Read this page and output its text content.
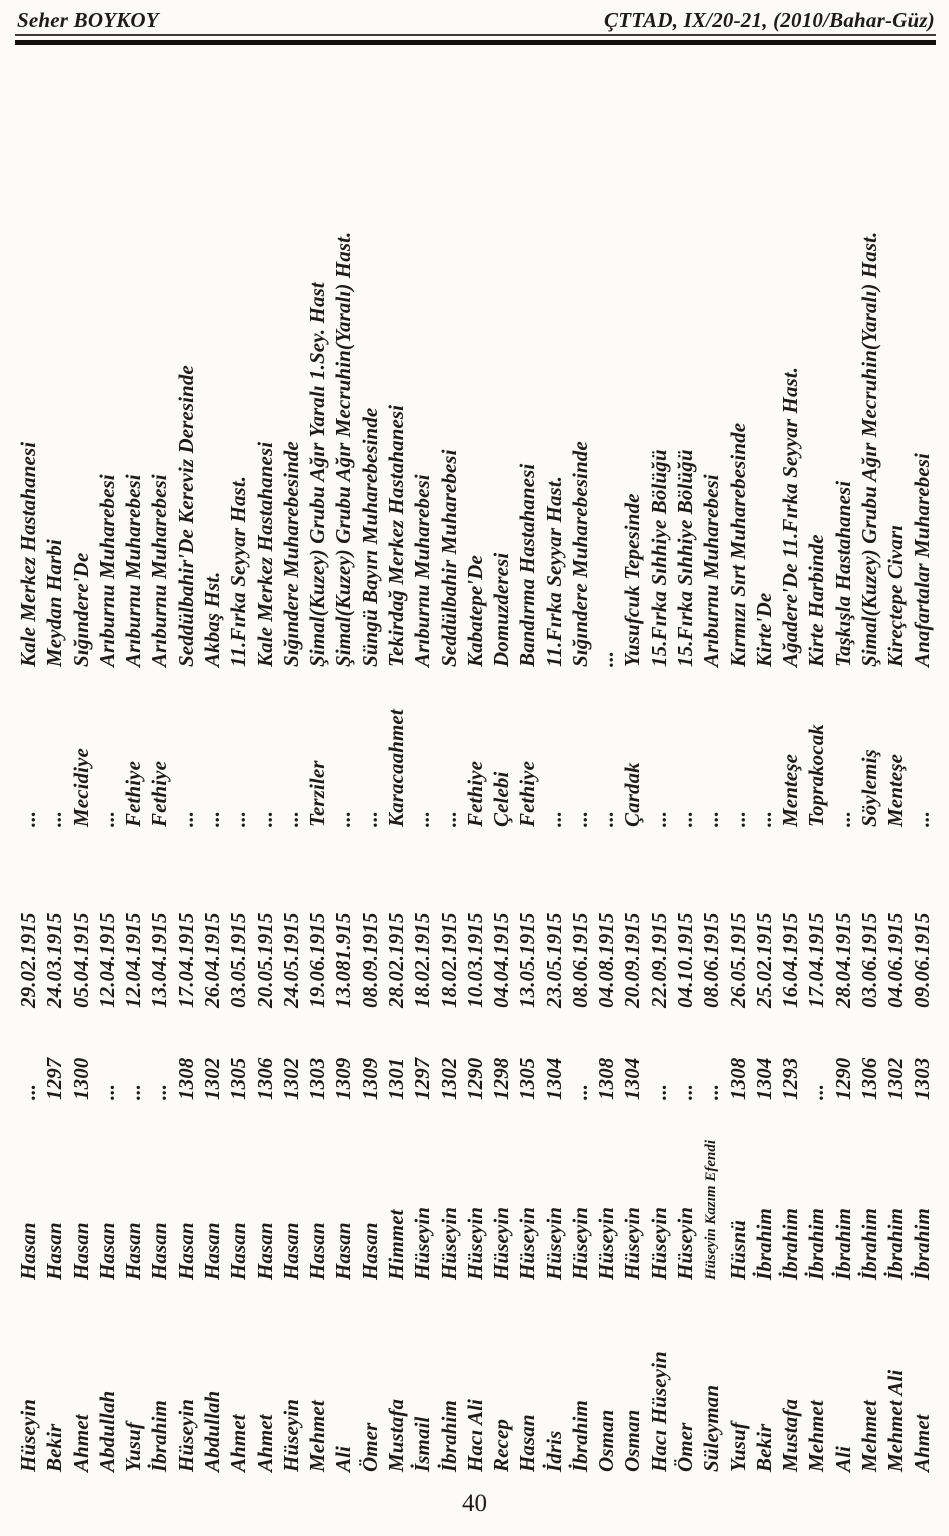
Seher BOYKOY	ÇTTAD, IX/20-21, (2010/Bahar-Güz)
Hüseyin	Hasan	...	29.02.1915	...	Kale Merkez Hastahanesi
Bekir	Hasan	1297	24.03.1915	...	Meydan Harbi
Ahmet	Hasan	1300	05.04.1915	Mecidiye	Sığındere'De
Abdullah	Hasan	...	12.04.1915	...	Arıburnu Muharebesi
Yusuf	Hasan	...	12.04.1915	Fethiye	Arıburnu Muharebesi
İbrahim	Hasan	...	13.04.1915	Fethiye	Arıburnu Muharebesi
Hüseyin	Hasan	1308	17.04.1915	...	Seddülbahir'De Kereviz Deresinde
Abdullah	Hasan	1302	26.04.1915	...	Akbaş Hst.
Ahmet	Hasan	1305	03.05.1915	...	11.Fırka Seyyar Hast.
Ahmet	Hasan	1306	20.05.1915	...	Kale Merkez Hastahanesi
Hüseyin	Hasan	1302	24.05.1915	...	Sığındere Muharebesinde
Mehmet	Hasan	1303	19.06.1915	Terziler	Şimal(Kuzey) Grubu Ağır Yaralı 1.Sey. Hast
Ali	Hasan	1309	13.081.915	...	Şimal(Kuzey) Grubu Ağır Mecruhin(Yaralı) Hast.
Ömer	Hasan	1309	08.09.1915	...	Süngü Bayırı Muharebesinde
Mustafa	Himmet	1301	28.02.1915	Karacaahmet	Tekirdağ Merkez Hastahanesi
İsmail	Hüseyin	1297	18.02.1915	...	Arıburnu Muharebesi
İbrahim	Hüseyin	1302	18.02.1915	...	Seddülbahir Muharebesi
Hacı Ali	Hüseyin	1290	10.03.1915	Fethiye	Kabatepe'De
Recep	Hüseyin	1298	04.04.1915	Çelebi	Domuzderesi
Hasan	Hüseyin	1305	13.05.1915	Fethiye	Bandırma Hastahanesi
İdris	Hüseyin	1304	23.05.1915	...	11.Fırka Seyyar Hast.
İbrahim	Hüseyin	...	08.06.1915	...	Sığındere Muharebesinde
Osman	Hüseyin	1308	04.08.1915	...	...
Osman	Hüseyin	1304	20.09.1915	Çardak	Yusufcuk Tepesinde
Hacı Hüseyin	Hüseyin	...	22.09.1915	...	15.Fırka Sıhhiye Bölüğü
Ömer	Hüseyin	...	04.10.1915	...	15.Fırka Sıhhiye Bölüğü
Süleyman	Hüseyin Kazım Efendi	...	08.06.1915	...	Arıburnu Muharebesi
Yusuf	Hüsnü	1308	26.05.1915	...	Kırmızı Sırt Muharebesinde
Bekir	İbrahim	1304	25.02.1915	...	Kirte'De
Mustafa	İbrahim	1293	16.04.1915	Menteşe	Ağadere'De 11.Fırka Seyyar Hast.
Mehmet	İbrahim	...	17.04.1915	Toprakocak	Kirte Harbinde
Ali	İbrahim	1290	28.04.1915	...	Taşkışla Hastahanesi
Mehmet	İbrahim	1306	03.06.1915	Söylemiş	Şimal(Kuzey) Grubu Ağır Mecruhin(Yaralı) Hast.
Mehmet Ali	İbrahim	1302	04.06.1915	Menteşe	Kireçtepe Civarı
Ahmet	İbrahim	1303	09.06.1915	...	Anafartalar Muharebesi
40
